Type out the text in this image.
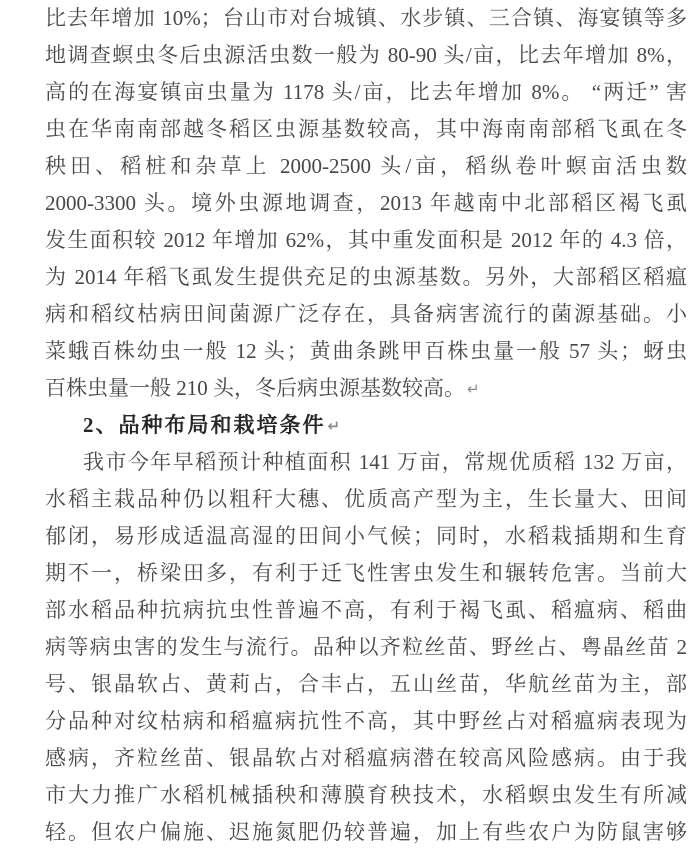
比去年增加 10%；台山市对台城镇、水步镇、三合镇、海宴镇等多
地调查螟虫冬后虫源活虫数一般为 80-90 头/亩，比去年增加 8%，
高的在海宴镇亩虫量为 1178 头/亩，比去年增加 8%。 “两迁” 害
虫在华南南部越冬稻区虫源基数较高，其中海南南部稻飞虱在冬
秧田、稻桩和杂草上 2000-2500 头/亩，稻纵卷叶螟亩活虫数
2000-3300 头。境外虫源地调查，2013 年越南中北部稻区褐飞虱
发生面积较 2012 年增加 62%，其中重发面积是 2012 年的 4.3 倍，
为 2014 年稻飞虱发生提供充足的虫源基数。另外，大部稻区稻瘟
病和稻纹枯病田间菌源广泛存在，具备病害流行的菌源基础。小
菜蛾百株幼虫一般 12 头；黄曲条跳甲百株虫量一般 57 头；蚜虫
百株虫量一般 210 头，冬后病虫源基数较高。 ↵
2、品种布局和栽培条件 ↵
我市今年早稻预计种植面积 141 万亩，常规优质稻 132 万亩，
水稻主栽品种仍以粗秆大穗、优质高产型为主，生长量大、田间
郁闭，易形成适温高湿的田间小气候；同时，水稻栽插期和生育
期不一，桥梁田多，有利于迁飞性害虫发生和辗转危害。当前大
部水稻品种抗病抗虫性普遍不高，有利于褐飞虱、稻瘟病、稻曲
病等病虫害的发生与流行。品种以齐粒丝苗、野丝占、粤晶丝苗 2
号、银晶软占、黄莉占，合丰占，五山丝苗，华航丝苗为主，部
分品种对纹枯病和稻瘟病抗性不高，其中野丝占对稻瘟病表现为
感病，齐粒丝苗、银晶软占对稻瘟病潜在较高风险感病。由于我
市大力推广水稻机械插秧和薄膜育秧技术，水稻螟虫发生有所减
轻。但农户偏施、迟施氮肥仍较普遍，加上有些农户为防鼠害够
